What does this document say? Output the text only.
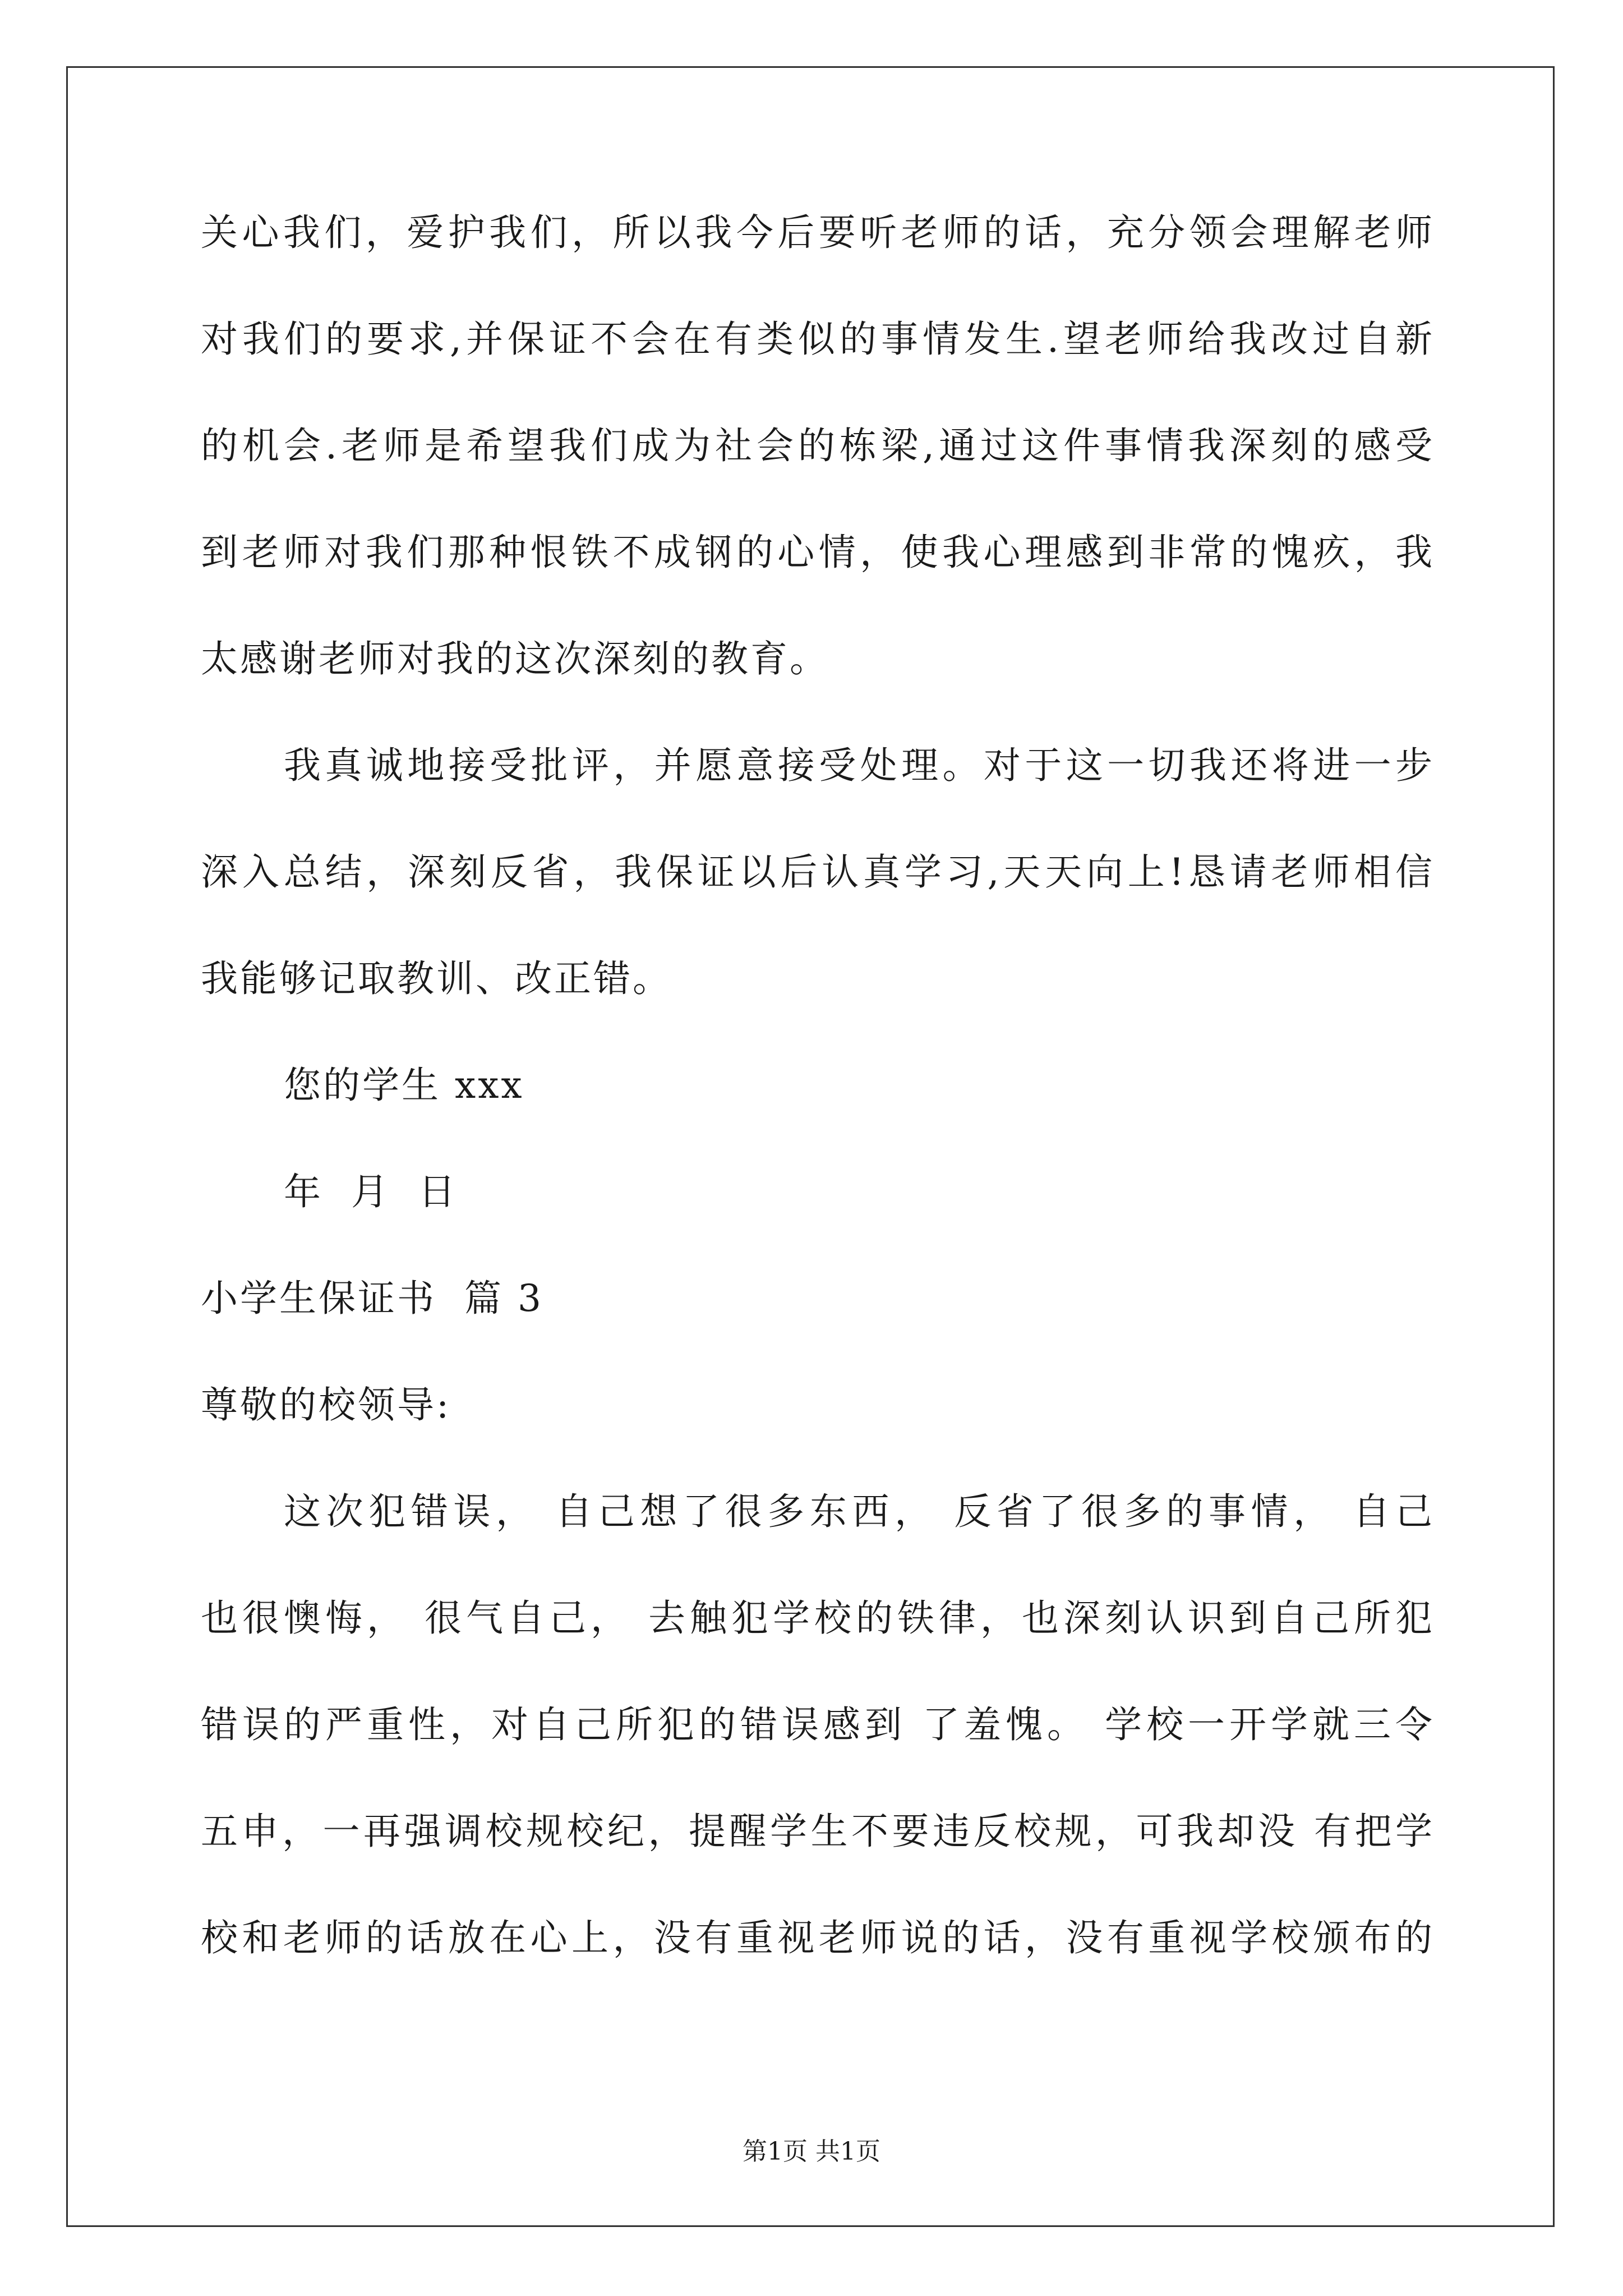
关心我们，爱护我们，所以我今后要听老师的话，充分领会理解老师
对我们的要求,并保证不会在有类似的事情发生.望老师给我改过自新
的机会.老师是希望我们成为社会的栋梁,通过这件事情我深刻的感受
到老师对我们那种恨铁不成钢的心情，使我心理感到非常的愧疚，我
太感谢老师对我的这次深刻的教育。
我真诚地接受批评，并愿意接受处理。对于这一切我还将进一步
深入总结，深刻反省，我保证以后认真学习,天天向上!恳请老师相信
我能够记取教训、改正错。
您的学生 xxx
年  月  日
小学生保证书  篇 3
尊敬的校领导:
这次犯错误， 自己想了很多东西， 反省了很多的事情， 自己
也很懊悔， 很气自己， 去触犯学校的铁律，也深刻认识到自己所犯
错误的严重性，对自己所犯的错误感到 了羞愧。 学校一开学就三令
五申，一再强调校规校纪，提醒学生不要违反校规，可我却没 有把学
校和老师的话放在心上，没有重视老师说的话，没有重视学校颁布的
第1页 共1页
